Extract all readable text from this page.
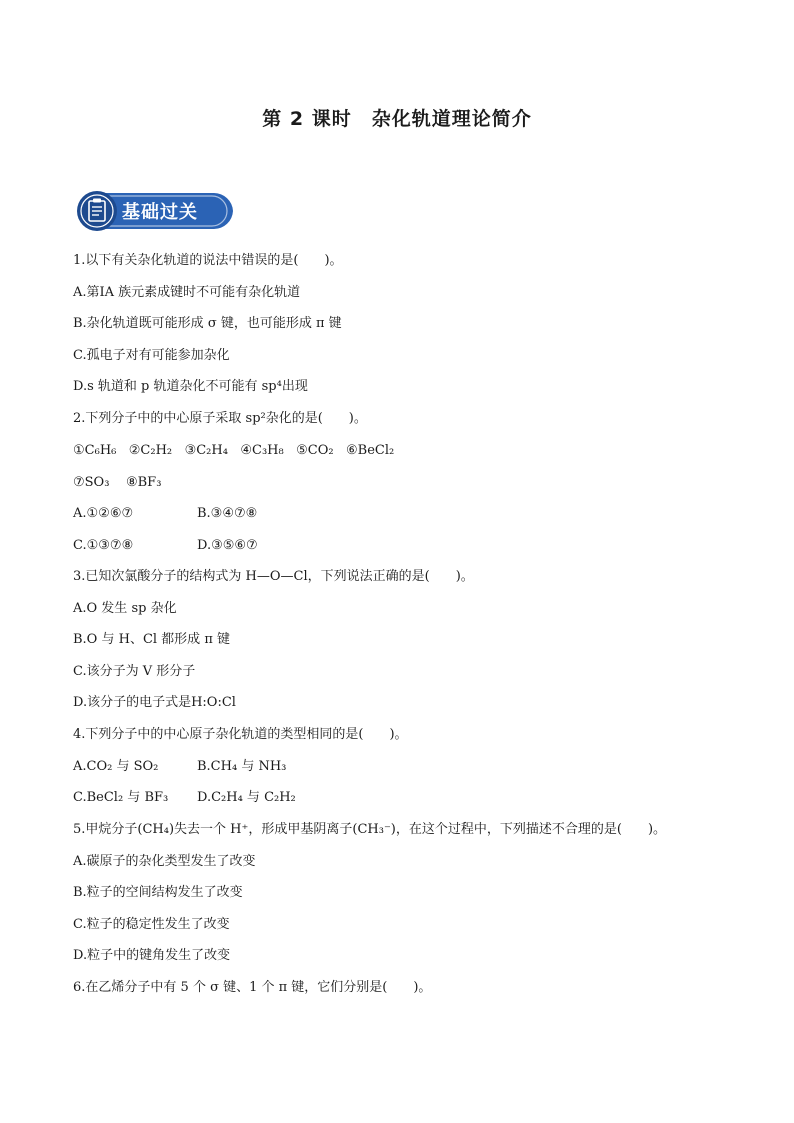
第 2 课时　杂化轨道理论简介
基础过关
1.以下有关杂化轨道的说法中错误的是(　　)。
A.第ⅠA 族元素成键时不可能有杂化轨道
B.杂化轨道既可能形成 σ 键，也可能形成 π 键
C.孤电子对有可能参加杂化
D.s 轨道和 p 轨道杂化不可能有 sp⁴出现
2.下列分子中的中心原子采取 sp²杂化的是(　　)。
①C₆H₆ ②C₂H₂ ③C₂H₄ ④C₃H₈ ⑤CO₂ ⑥BeCl₂
⑦SO₃ ⑧BF₃
A.①②⑥⑦	B.③④⑦⑧
C.①③⑦⑧	D.③⑤⑥⑦
3.已知次氯酸分子的结构式为 H—O—Cl，下列说法正确的是(　　)。
A.O 发生 sp 杂化
B.O 与 H、Cl 都形成 π 键
C.该分子为 V 形分子
D.该分子的电子式是H:O:Cl
4.下列分子中的中心原子杂化轨道的类型相同的是(　　)。
A.CO₂ 与 SO₂	B.CH₄ 与 NH₃
C.BeCl₂ 与 BF₃ D.C₂H₄ 与 C₂H₂
5.甲烷分子(CH₄)失去一个 H⁺，形成甲基阴离子(CH₃⁻)，在这个过程中，下列描述不合理的是(　　)。
A.碳原子的杂化类型发生了改变
B.粒子的空间结构发生了改变
C.粒子的稳定性发生了改变
D.粒子中的键角发生了改变
6.在乙烯分子中有 5 个 σ 键、1 个 π 键，它们分别是(　　)。
